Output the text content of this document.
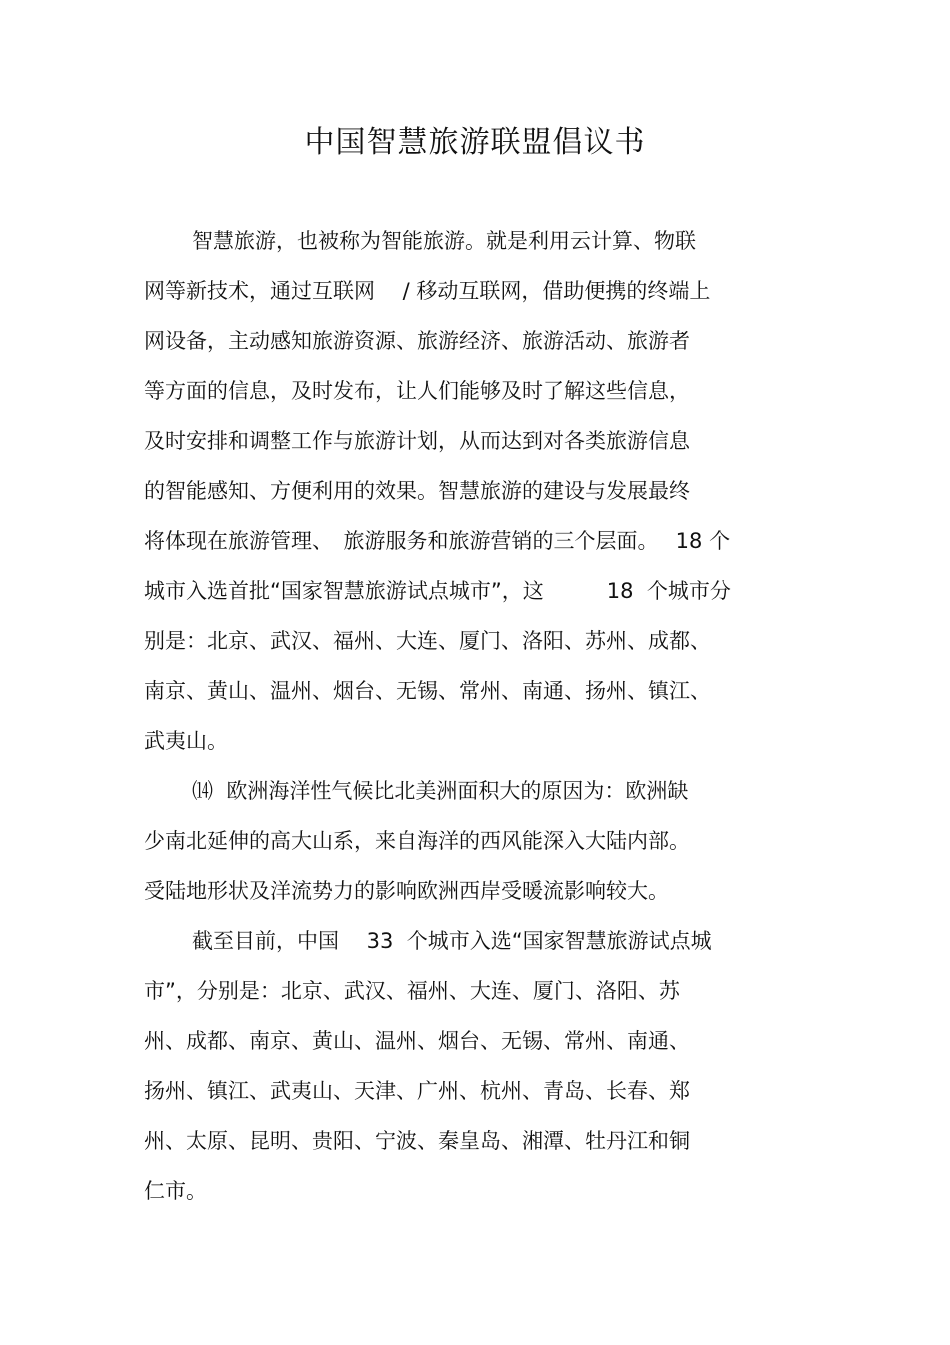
中国智慧旅游联盟倡议书
智慧旅游，也被称为智能旅游。就是利用云计算、物联
网等新技术，通过互联网　 / 移动互联网，借助便携的终端上
网设备，主动感知旅游资源、旅游经济、旅游活动、旅游者
等方面的信息，及时发布，让人们能够及时了解这些信息，
及时安排和调整工作与旅游计划，从而达到对各类旅游信息
的智能感知、方便利用的效果。智慧旅游的建设与发展最终
将体现在旅游管理、　旅游服务和旅游营销的三个层面。　 18 个
城市入选首批“国家智慧旅游试点城市”，这　　　18  个城市分
别是：北京、武汉、福州、大连、厦门、洛阳、苏州、成都、
南京、黄山、温州、烟台、无锡、常州、南通、扬州、镇江、
武夷山。
⒁  欧洲海洋性气候比北美洲面积大的原因为：欧洲缺
少南北延伸的高大山系，来自海洋的西风能深入大陆内部。
受陆地形状及洋流势力的影响欧洲西岸受暖流影响较大。
截至目前，中国　 33  个城市入选“国家智慧旅游试点城
市”，分别是：北京、武汉、福州、大连、厦门、洛阳、苏
州、成都、南京、黄山、温州、烟台、无锡、常州、南通、
扬州、镇江、武夷山、天津、广州、杭州、青岛、长春、郑
州、太原、昆明、贵阳、宁波、秦皇岛、湘潭、牡丹江和铜
仁市。
